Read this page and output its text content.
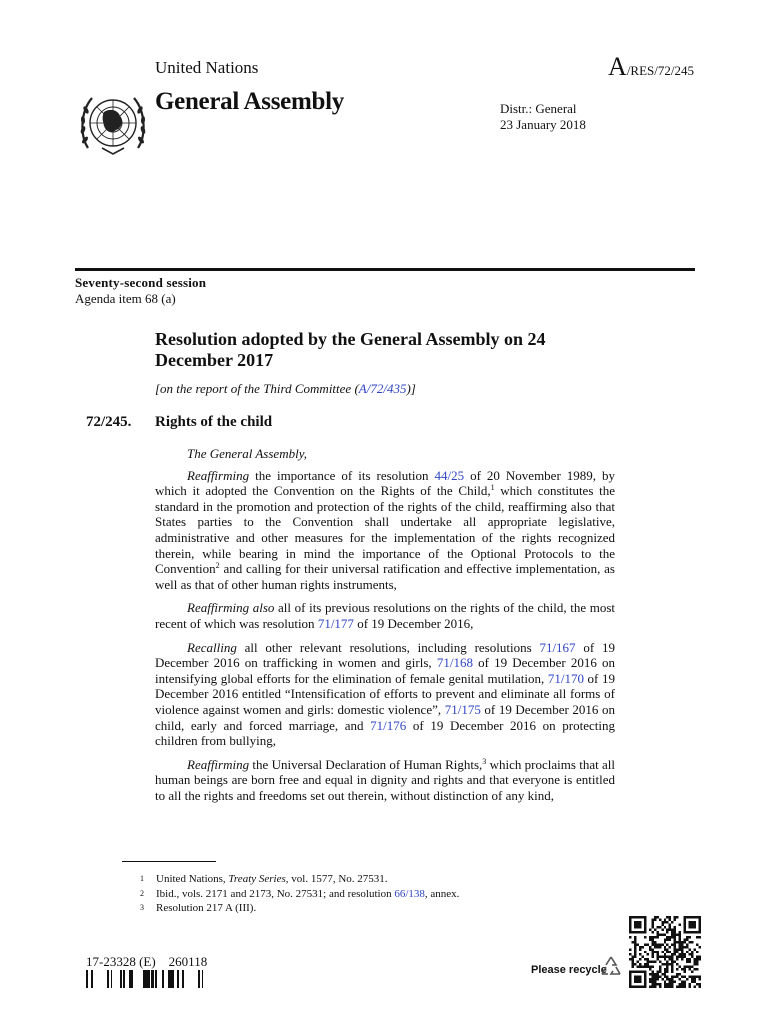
United Nations	A/RES/72/245
General Assembly	Distr.: General
23 January 2018
Seventy-second session
Agenda item 68 (a)
Resolution adopted by the General Assembly on 24 December 2017
[on the report of the Third Committee (A/72/435)]
72/245. Rights of the child

The General Assembly,

Reaffirming the importance of its resolution 44/25 of 20 November 1989, by which it adopted the Convention on the Rights of the Child,$^1$ which constitutes the standard in the promotion and protection of the rights of the child, reaffirming also that States parties to the Convention shall undertake all appropriate legislative, administrative and other measures for the implementation of the rights recognized therein, while bearing in mind the importance of the Optional Protocols to the Convention$^2$ and calling for their universal ratification and effective implementation, as well as that of other human rights instruments,

Reaffirming also all of its previous resolutions on the rights of the child, the most recent of which was resolution 71/177 of 19 December 2016,

Recalling all other relevant resolutions, including resolutions 71/167 of 19 December 2016 on trafficking in women and girls, 71/168 of 19 December 2016 on intensifying global efforts for the elimination of female genital mutilation, 71/170 of 19 December 2016 entitled “Intensification of efforts to prevent and eliminate all forms of violence against women and girls: domestic violence”, 71/175 of 19 December 2016 on child, early and forced marriage, and 71/176 of 19 December 2016 on protecting children from bullying,

Reaffirming the Universal Declaration of Human Rights,$^3$ which proclaims that all human beings are born free and equal in dignity and rights and that everyone is entitled to all the rights and freedoms set out therein, without distinction of any kind,

1	United Nations, Treaty Series, vol. 1577, No. 27531.
2	Ibid., vols. 2171 and 2173, No. 27531; and resolution 66/138, annex.
3	Resolution 217 A (III).
17-23328 (E)    260118
Please recycle
